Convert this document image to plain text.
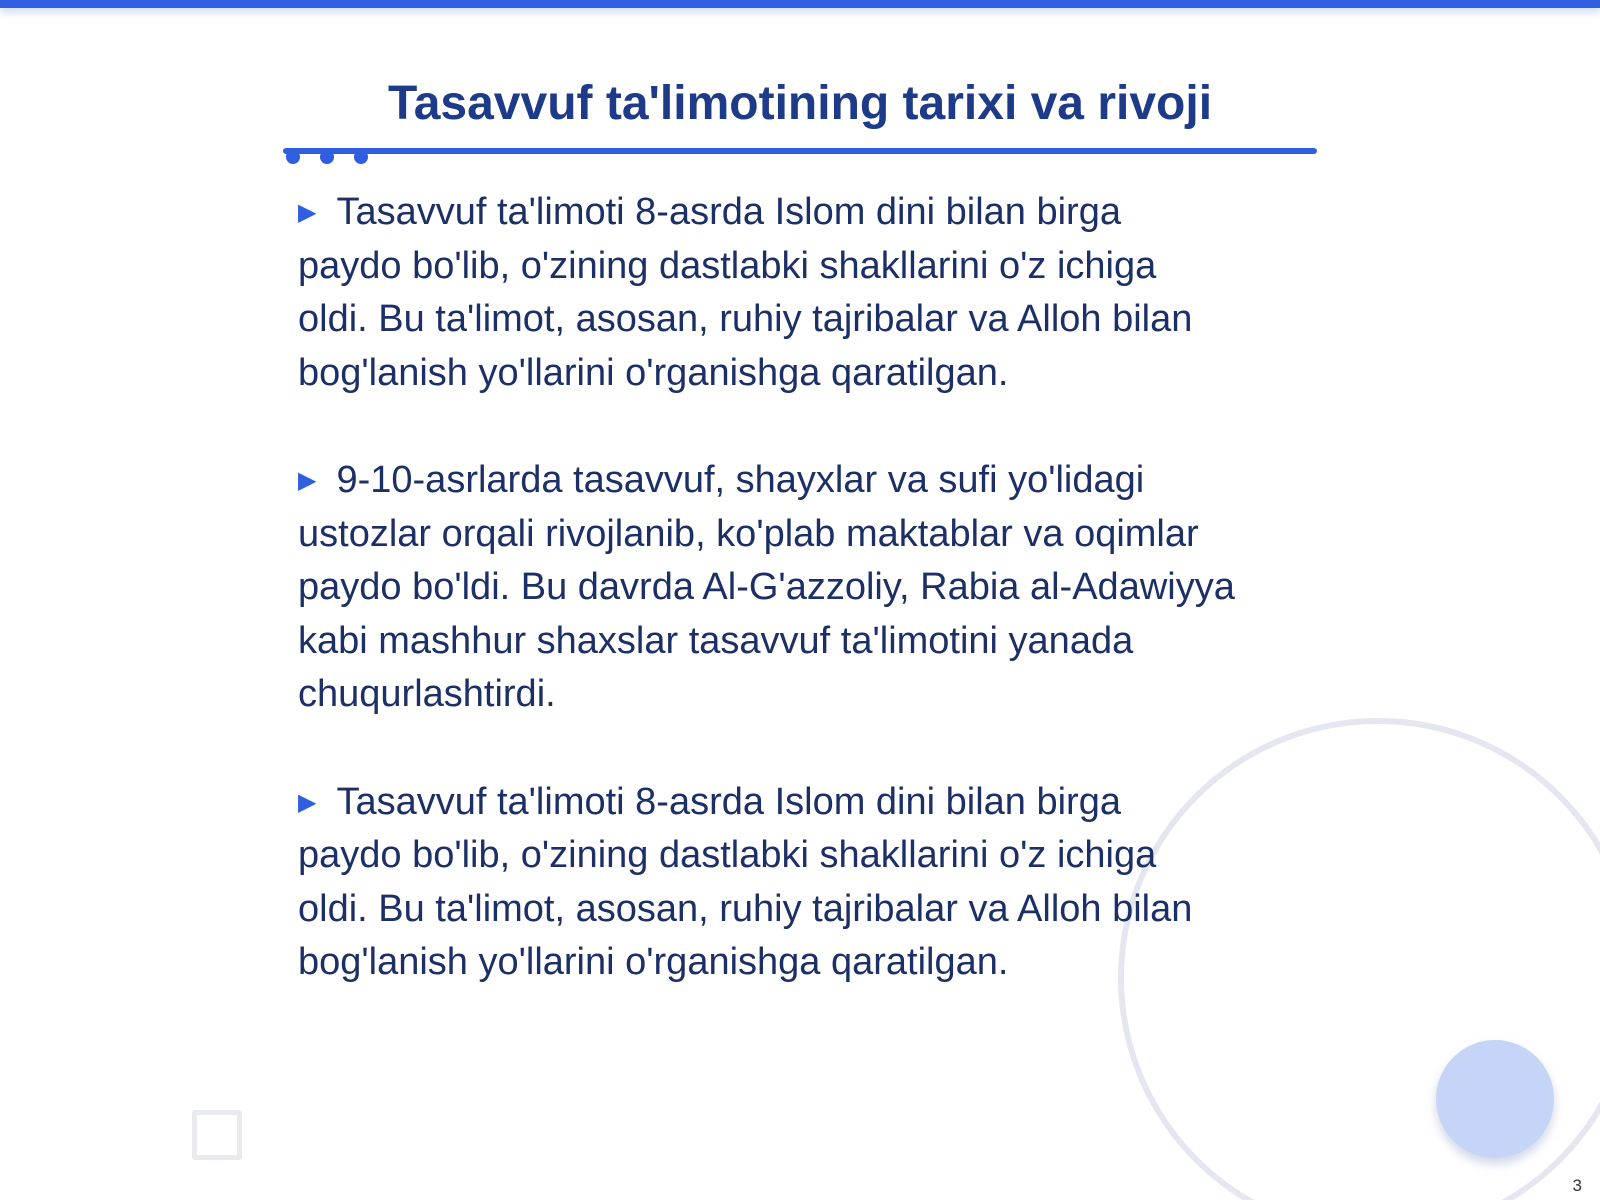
Tasavvuf ta'limotining tarixi va rivoji

▶ Tasavvuf ta'limoti 8-asrda Islom dini bilan birga
paydo bo'lib, o'zining dastlabki shakllarini o'z ichiga
oldi. Bu ta'limot, asosan, ruhiy tajribalar va Alloh bilan
bog'lanish yo'llarini o'rganishga qaratilgan.

▶ 9-10-asrlarda tasavvuf, shayxlar va sufi yo'lidagi
ustozlar orqali rivojlanib, ko'plab maktablar va oqimlar
paydo bo'ldi. Bu davrda Al-G'azzoliy, Rabia al-Adawiyya
kabi mashhur shaxslar tasavvuf ta'limotini yanada
chuqurlashtirdi.

▶ Tasavvuf ta'limoti 8-asrda Islom dini bilan birga
paydo bo'lib, o'zining dastlabki shakllarini o'z ichiga
oldi. Bu ta'limot, asosan, ruhiy tajribalar va Alloh bilan
bog'lanish yo'llarini o'rganishga qaratilgan.

3
